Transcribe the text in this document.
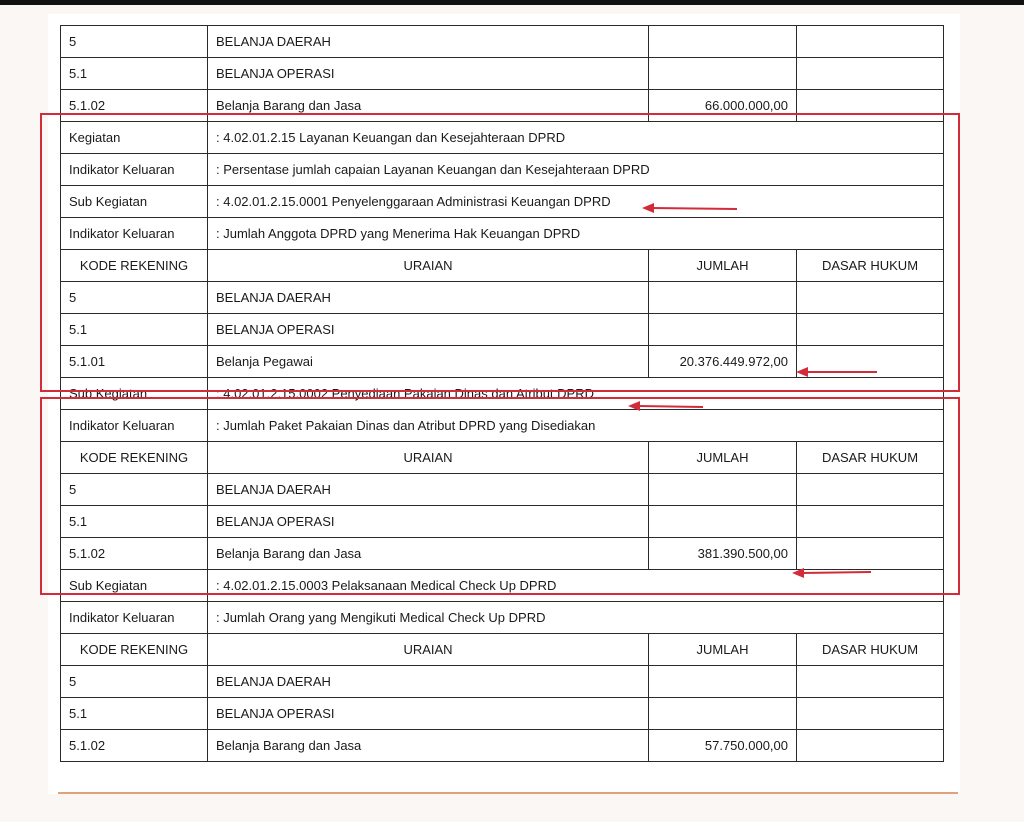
5	BELANJA DAERAH		
5.1	BELANJA OPERASI		
5.1.02	Belanja Barang dan Jasa	66.000.000,00	
Kegiatan	: 4.02.01.2.15 Layanan Keuangan dan Kesejahteraan DPRD		
Indikator Keluaran	: Persentase jumlah capaian Layanan Keuangan dan Kesejahteraan DPRD		
Sub Kegiatan	: 4.02.01.2.15.0001 Penyelenggaraan Administrasi Keuangan DPRD		
Indikator Keluaran	: Jumlah Anggota DPRD yang Menerima Hak Keuangan DPRD		
KODE REKENING	URAIAN	JUMLAH	DASAR HUKUM
5	BELANJA DAERAH		
5.1	BELANJA OPERASI		
5.1.01	Belanja Pegawai	20.376.449.972,00	
Sub Kegiatan	: 4.02.01.2.15.0002 Penyediaan Pakaian Dinas dan Atribut DPRD		
Indikator Keluaran	: Jumlah Paket Pakaian Dinas dan Atribut DPRD yang Disediakan		
KODE REKENING	URAIAN	JUMLAH	DASAR HUKUM
5	BELANJA DAERAH		
5.1	BELANJA OPERASI		
5.1.02	Belanja Barang dan Jasa	381.390.500,00	
Sub Kegiatan	: 4.02.01.2.15.0003 Pelaksanaan Medical Check Up DPRD		
Indikator Keluaran	: Jumlah Orang yang Mengikuti Medical Check Up DPRD		
KODE REKENING	URAIAN	JUMLAH	DASAR HUKUM
5	BELANJA DAERAH		
5.1	BELANJA OPERASI		
5.1.02	Belanja Barang dan Jasa	57.750.000,00	
